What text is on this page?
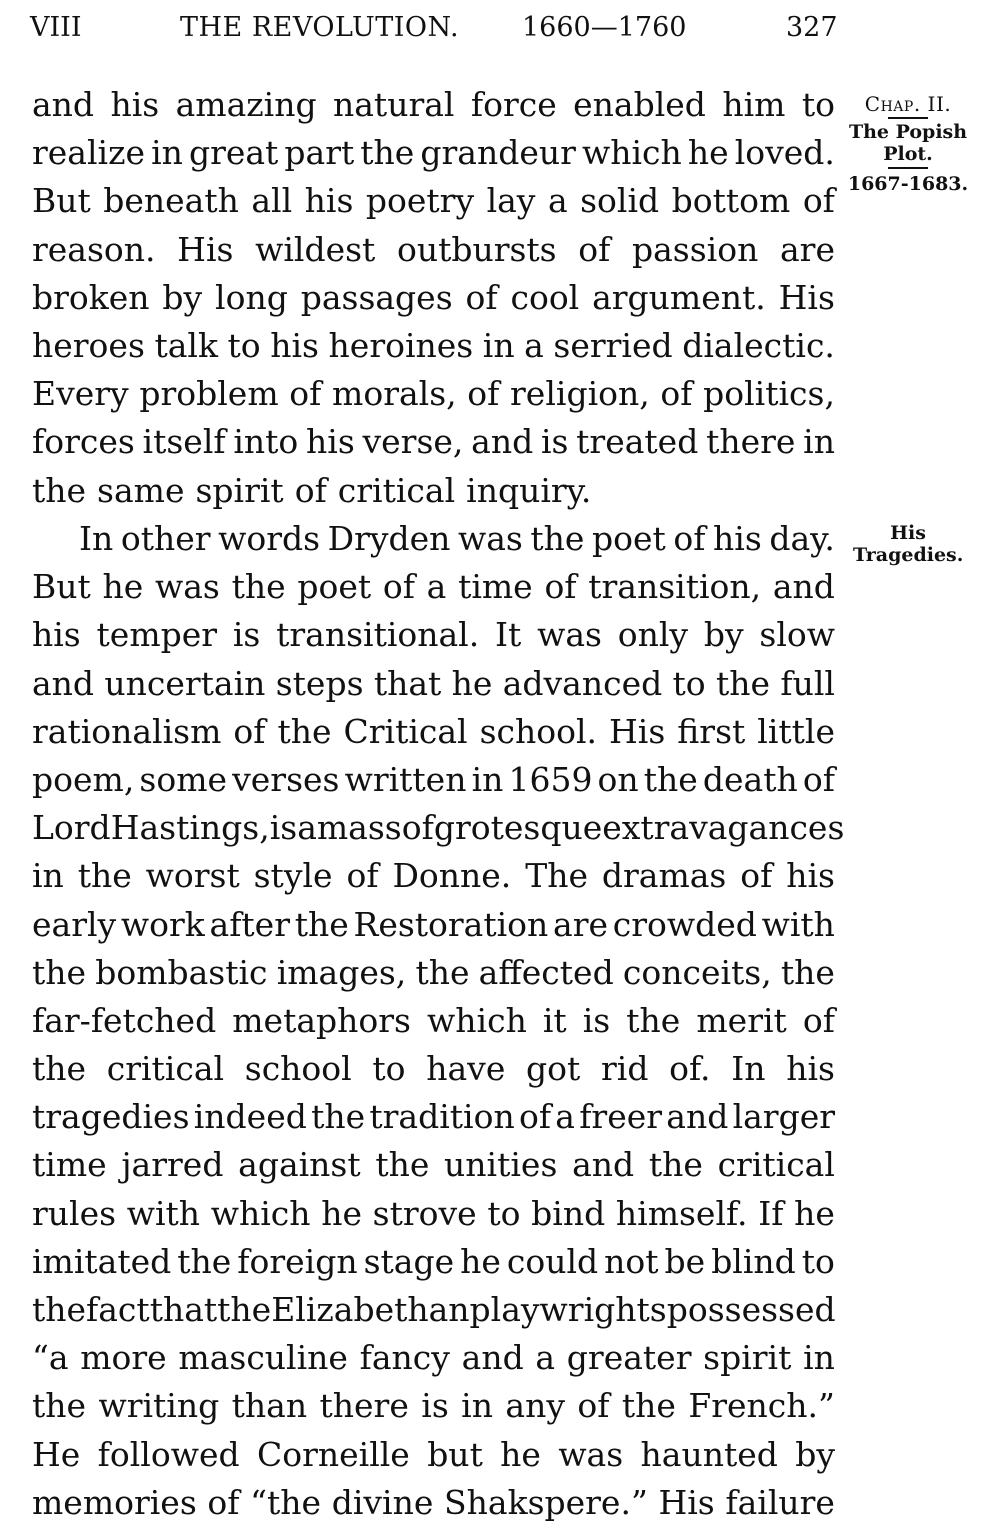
VIII	THE REVOLUTION. 1660—1760	327
Chap. II.
The Popish Plot.
1667-1683.
His Tragedies.
and his amazing natural force enabled him to
realize in great part the grandeur which he loved.
But beneath all his poetry lay a solid bottom of
reason. His wildest outbursts of passion are
broken by long passages of cool argument. His
heroes talk to his heroines in a serried dialectic.
Every problem of morals, of religion, of politics,
forces itself into his verse, and is treated there in
the same spirit of critical inquiry.
In other words Dryden was the poet of his day.
But he was the poet of a time of transition, and
his temper is transitional. It was only by slow
and uncertain steps that he advanced to the full
rationalism of the Critical school. His first little
poem, some verses written in 1659 on the death of
Lord Hastings, is a mass of grotesque extravagances
in the worst style of Donne. The dramas of his
early work after the Restoration are crowded with
the bombastic images, the affected conceits, the
far-fetched metaphors which it is the merit of
the critical school to have got rid of. In his
tragedies indeed the tradition of a freer and larger
time jarred against the unities and the critical
rules with which he strove to bind himself. If he
imitated the foreign stage he could not be blind to
the fact that the Elizabethan playwrights possessed
“a more masculine fancy and a greater spirit in
the writing than there is in any of the French.”
He followed Corneille but he was haunted by
memories of “the divine Shakspere.” His failure
